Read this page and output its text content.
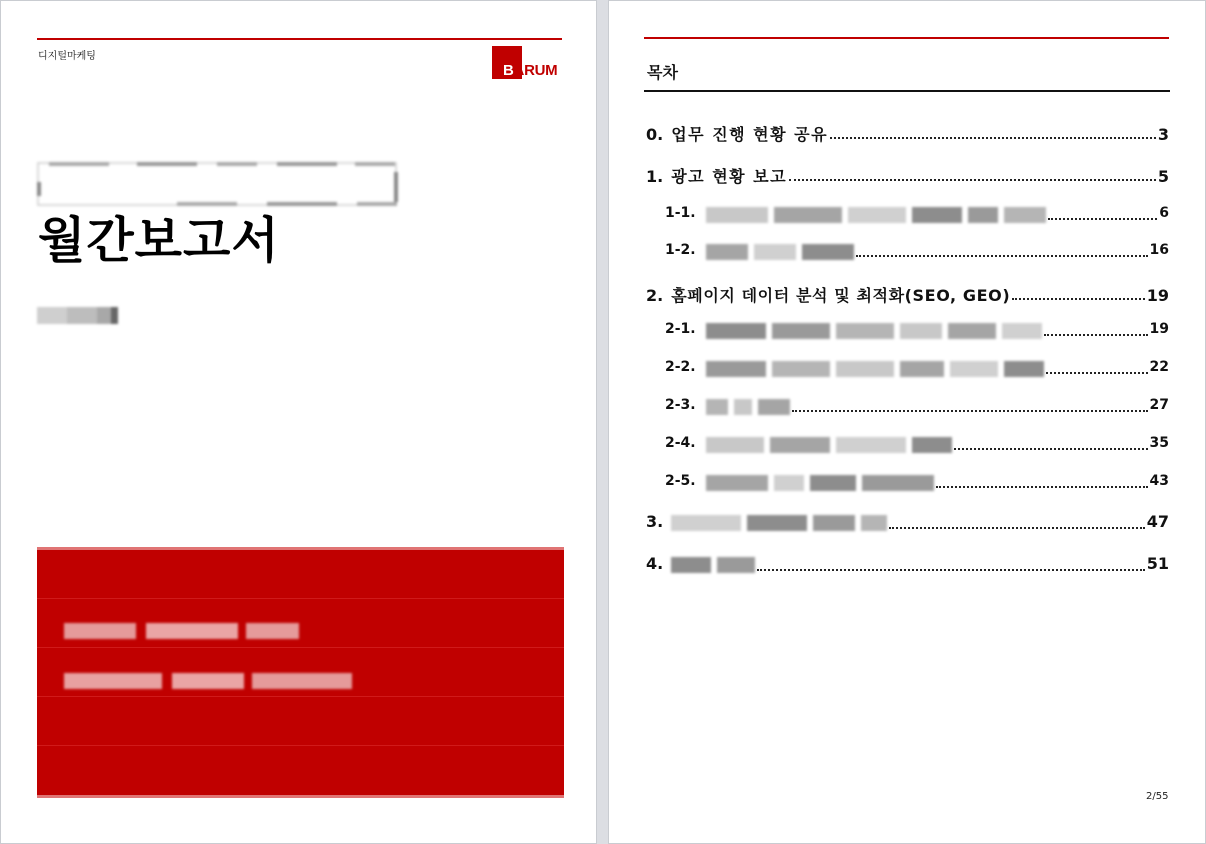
디지털마케팅
BARUM
월간보고서
목차
0. 업무 진행 현황 공유	3
1. 광고 현황 보고	5
1-1.	6
1-2.	16
2. 홈페이지 데이터 분석 및 최적화(SEO, GEO)	19
2-1.	19
2-2.	22
2-3.	27
2-4.	35
2-5.	43
3.	47
4.	51
2/55
